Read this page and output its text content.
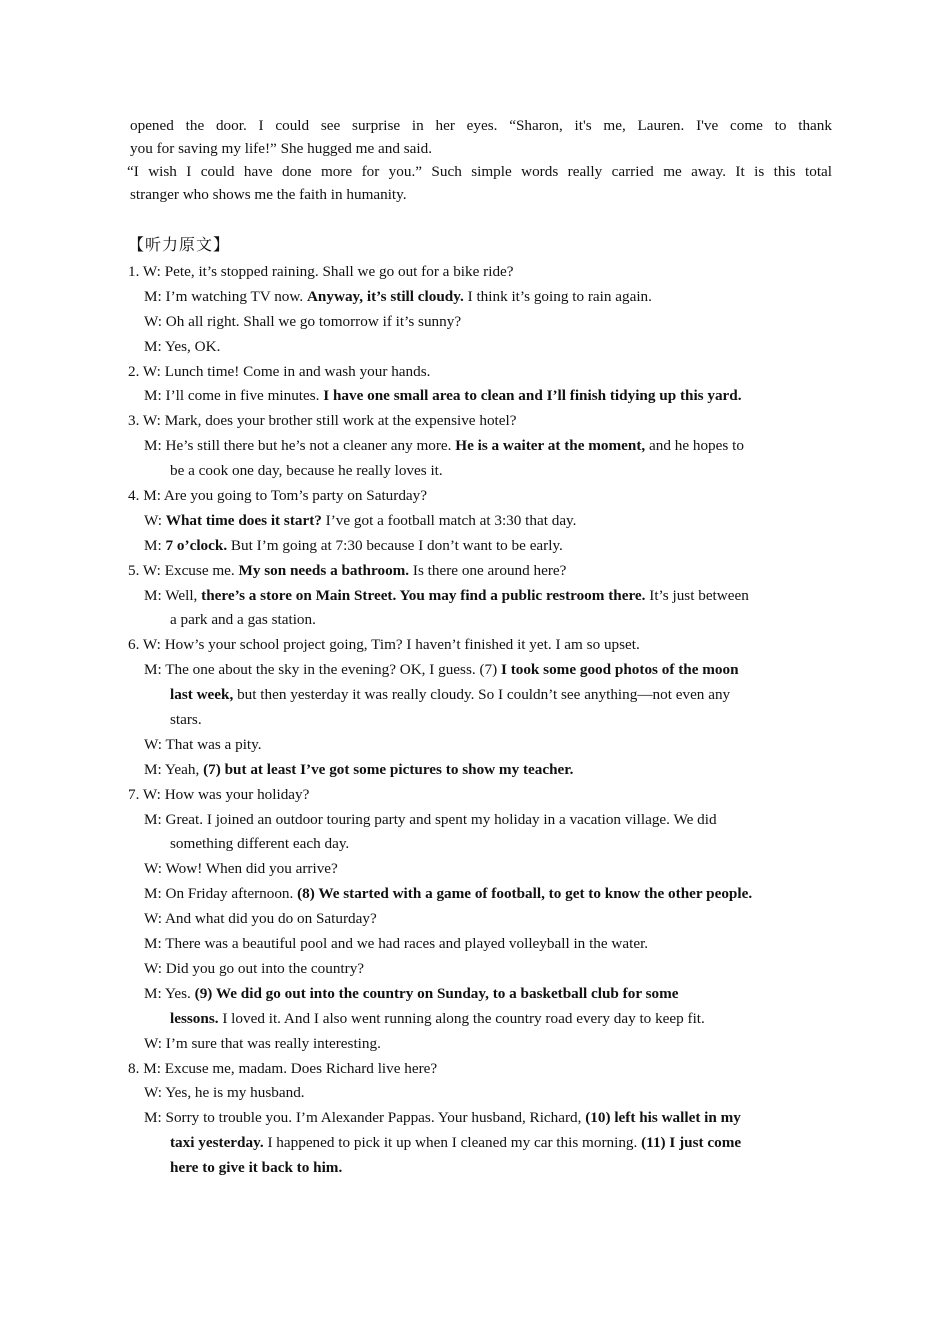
opened the door. I could see surprise in her eyes. “Sharon, it's me, Lauren. I've come to thank
you for saving my life!” She hugged me and said.
“I wish I could have done more for you.” Such simple words really carried me away. It is this total
stranger who shows me the faith in humanity.
【听力原文】
1. W: Pete, it’s stopped raining. Shall we go out for a bike ride?
M: I’m watching TV now. Anyway, it’s still cloudy. I think it’s going to rain again.
W: Oh all right. Shall we go tomorrow if it’s sunny?
M: Yes, OK.
2. W: Lunch time! Come in and wash your hands.
M: I’ll come in five minutes. I have one small area to clean and I’ll finish tidying up this yard.
3. W: Mark, does your brother still work at the expensive hotel?
M: He’s still there but he’s not a cleaner any more. He is a waiter at the moment, and he hopes to
be a cook one day, because he really loves it.
4. M: Are you going to Tom’s party on Saturday?
W: What time does it start? I’ve got a football match at 3:30 that day.
M: 7 o’clock. But I’m going at 7:30 because I don’t want to be early.
5. W: Excuse me. My son needs a bathroom. Is there one around here?
M: Well, there’s a store on Main Street. You may find a public restroom there. It’s just between
a park and a gas station.
6. W: How’s your school project going, Tim? I haven’t finished it yet. I am so upset.
M: The one about the sky in the evening? OK, I guess. (7) I took some good photos of the moon
last week, but then yesterday it was really cloudy. So I couldn’t see anything—not even any
stars.
W: That was a pity.
M: Yeah, (7) but at least I’ve got some pictures to show my teacher.
7. W: How was your holiday?
M: Great. I joined an outdoor touring party and spent my holiday in a vacation village. We did
something different each day.
W: Wow! When did you arrive?
M: On Friday afternoon. (8) We started with a game of football, to get to know the other people.
W: And what did you do on Saturday?
M: There was a beautiful pool and we had races and played volleyball in the water.
W: Did you go out into the country?
M: Yes. (9) We did go out into the country on Sunday, to a basketball club for some
lessons. I loved it. And I also went running along the country road every day to keep fit.
W: I’m sure that was really interesting.
8. M: Excuse me, madam. Does Richard live here?
W: Yes, he is my husband.
M: Sorry to trouble you. I’m Alexander Pappas. Your husband, Richard, (10) left his wallet in my
taxi yesterday. I happened to pick it up when I cleaned my car this morning. (11) I just come
here to give it back to him.
